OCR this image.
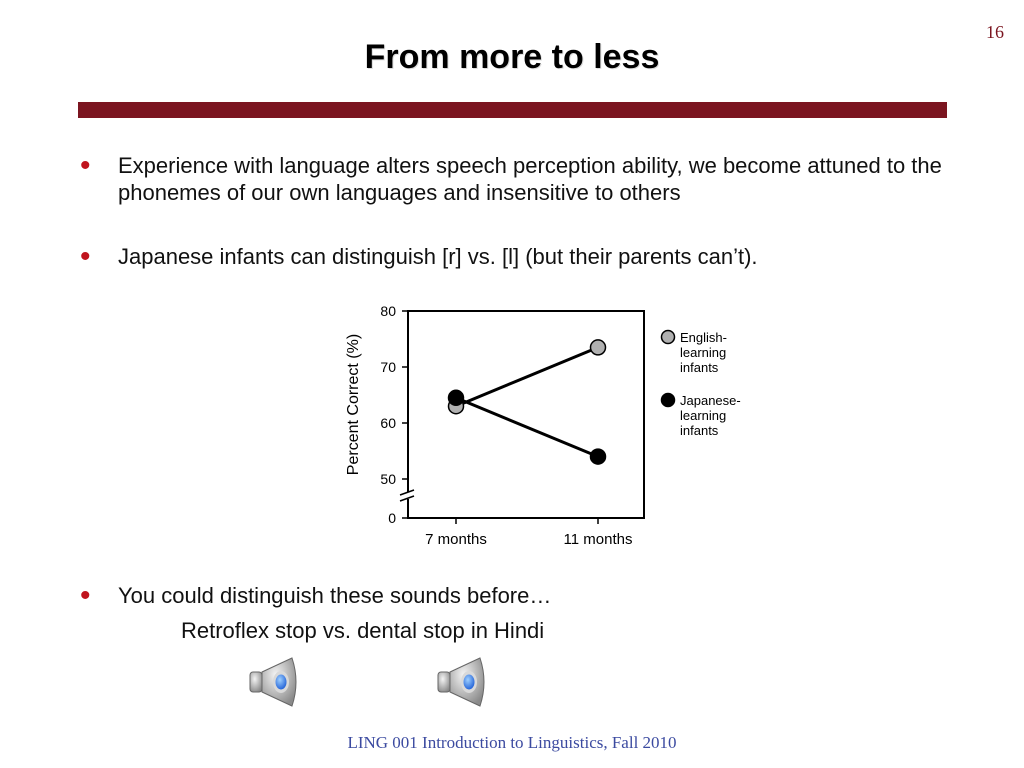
16
From more to less
• Experience with language alters speech perception ability, we become attuned to the phonemes of our own languages and insensitive to others
• Japanese infants can distinguish [r] vs. [l] (but their parents can’t).
0
50
60
70
80
7 months	11 months
Percent Correct (%)	English-learning infants
Japanese-learning infants
• You could distinguish these sounds before…
Retroflex stop vs. dental stop in Hindi
LING 001 Introduction to Linguistics, Fall 2010
